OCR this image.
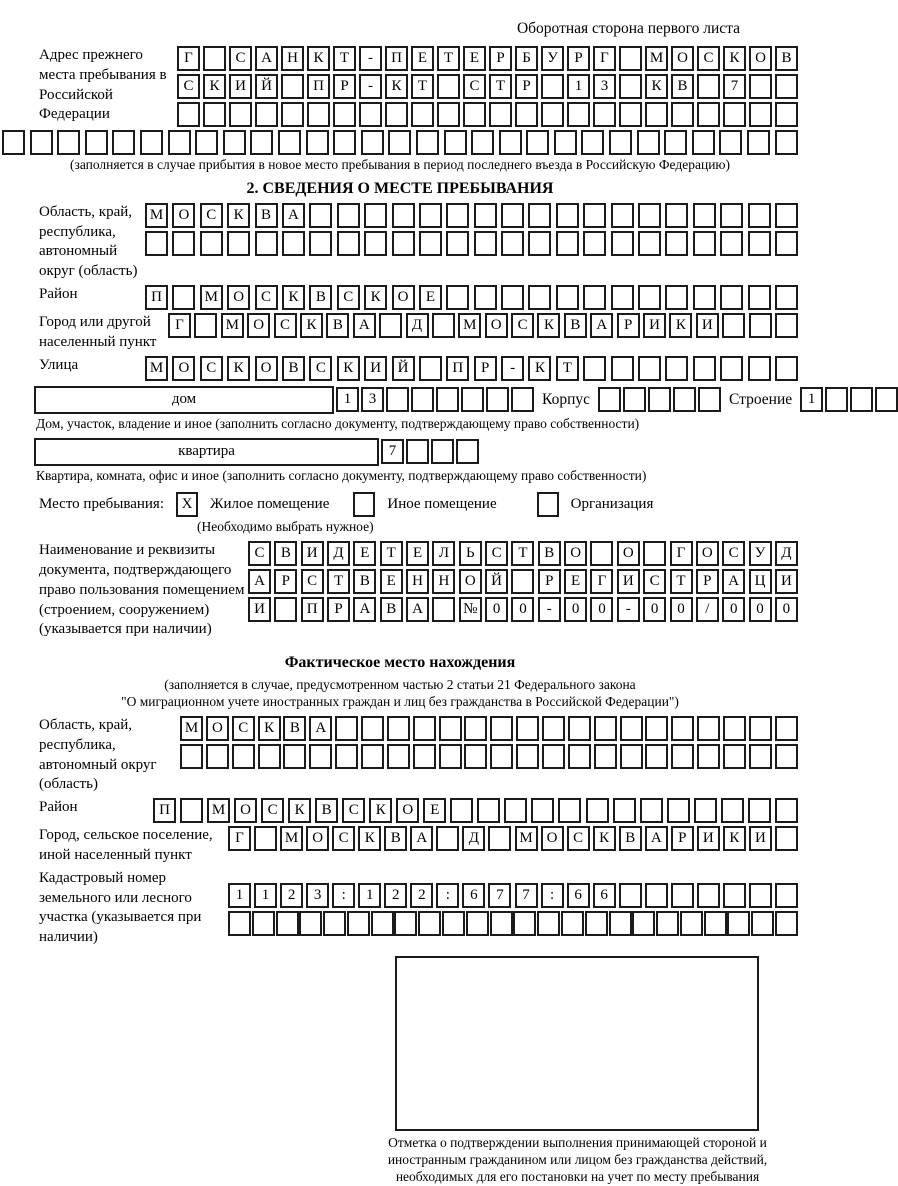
Оборотная сторона первого листа
Адрес прежнего места пребывания в Российской Федерации
Г	С	А	Н	К	Т	-	П	Е	Т	Е	Р	Б	У	Р	Г	М О	С	К	О	В
С	К	И	Й	П	Р	-	К	Т	С	Т	Р	1	3	К	В	7
(заполняется в случае прибытия в новое место пребывания в период последнего въезда в Российскую Федерацию)
2. СВЕДЕНИЯ О МЕСТЕ ПРЕБЫВАНИЯ
Область, край, республика, автономный округ (область)
М	О	С	К	В	А
Район	П	М	О	С	К	В	С	К	О	Е
Город или другой населенный пункт
Г	М О	С	К	В	А	Д	М О	С	К	В	А	Р	И	К	И
Улица	М	О	С	К	О	В	С	К	И	Й	П	Р	-	К	Т
дом	1	3	Корпус	Строение	1
Дом, участок, владение и иное (заполнить согласно документу, подтверждающему право собственности)
квартира	7
Квартира, комната, офис и иное (заполнить согласно документу, подтверждающему право собственности)
Место пребывания:	X	Жилое помещение	Иное помещение	Организация
(Необходимо выбрать нужное)
Наименование и реквизиты документа, подтверждающего право пользования помещением (строением, сооружением) (указывается при наличии)
С	В	И	Д	Е	Т	Е	Л	Ь	С	Т	В	О	О	Г	О	С	У	Д
А	Р	С	Т	В	Е	Н	Н	О	Й	Р	Е	Г	И	С	Т	Р	А	Ц	И
И	П	Р	А	В	А	№	0	0	-	0	0	-	0	0	/	0	0	0
Фактическое место нахождения
(заполняется в случае, предусмотренном частью 2 статьи 21 Федерального закона
"О миграционном учете иностранных граждан и лиц без гражданства в Российской Федерации")
Область, край, республика, автономный округ (область)
М О	С	К	В	А
Район	П	М О	С	К	В	С	К	О	Е
Город, сельское поселение, иной населенный пункт
Г	М О	С	К	В	А	Д	М О	С	К	В	А	Р	И	К	И
Кадастровый номер земельного или лесного участка (указывается при наличии)
1	1	2	3	:	1	2	2	:	6	7	7	:	6	6
Отметка о подтверждении выполнения принимающей стороной и иностранным гражданином или лицом без гражданства действий, необходимых для его постановки на учет по месту пребывания
